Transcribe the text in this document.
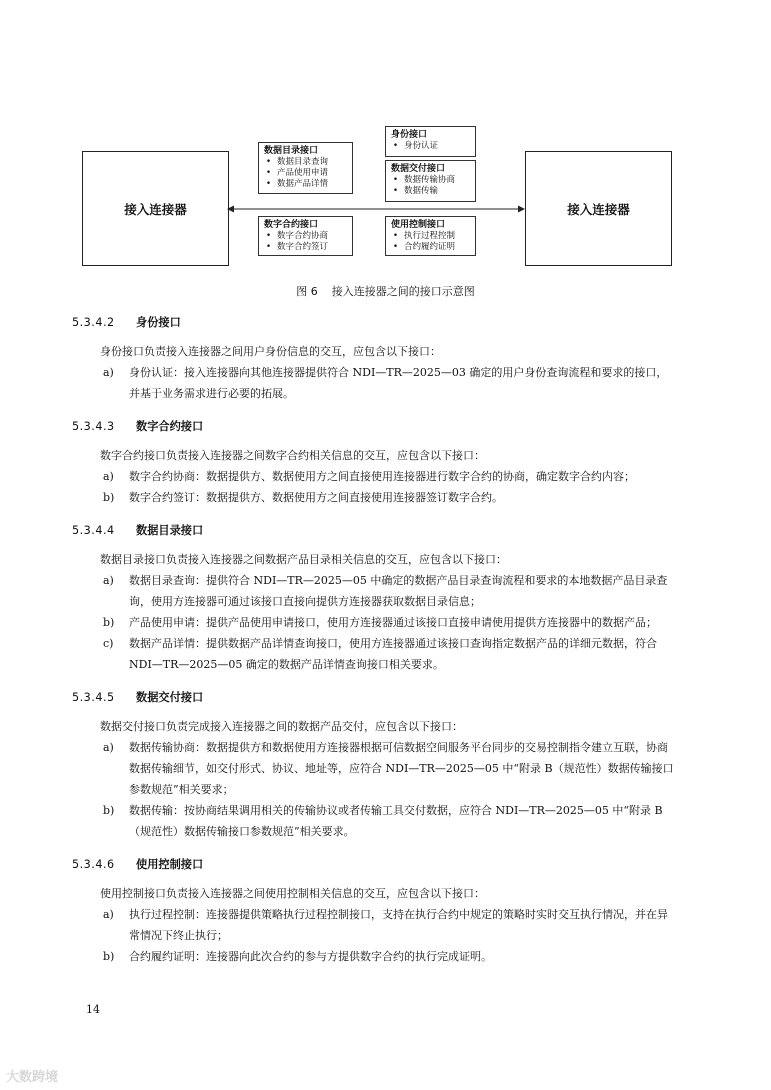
接入连接器	接入连接器
数据目录接口
• 数据目录查询
• 产品使用申请
• 数据产品详情
身份接口
• 身份认证
数据交付接口
• 数据传输协商
• 数据传输
数字合约接口
• 数字合约协商
• 数字合约签订
使用控制接口
• 执行过程控制
• 合约履约证明
图 6 接入连接器之间的接口示意图
5.3.4.2 身份接口
身份接口负责接入连接器之间用户身份信息的交互，应包含以下接口：
a) 身份认证：接入连接器向其他连接器提供符合 NDI—TR—2025—03 确定的用户身份查询流程和要求的接口，并基于业务需求进行必要的拓展。
5.3.4.3 数字合约接口
数字合约接口负责接入连接器之间数字合约相关信息的交互，应包含以下接口：
a) 数字合约协商：数据提供方、数据使用方之间直接使用连接器进行数字合约的协商，确定数字合约内容；
b) 数字合约签订：数据提供方、数据使用方之间直接使用连接器签订数字合约。
5.3.4.4 数据目录接口
数据目录接口负责接入连接器之间数据产品目录相关信息的交互，应包含以下接口：
a) 数据目录查询：提供符合 NDI—TR—2025—05 中确定的数据产品目录查询流程和要求的本地数据产品目录查询，使用方连接器可通过该接口直接向提供方连接器获取数据目录信息；
b) 产品使用申请：提供产品使用申请接口，使用方连接器通过该接口直接申请使用提供方连接器中的数据产品；
c) 数据产品详情：提供数据产品详情查询接口，使用方连接器通过该接口查询指定数据产品的详细元数据，符合 NDI—TR—2025—05 确定的数据产品详情查询接口相关要求。
5.3.4.5 数据交付接口
数据交付接口负责完成接入连接器之间的数据产品交付，应包含以下接口：
a) 数据传输协商：数据提供方和数据使用方连接器根据可信数据空间服务平台同步的交易控制指令建立互联，协商数据传输细节，如交付形式、协议、地址等，应符合 NDI—TR—2025—05 中“附录 B（规范性）数据传输接口参数规范”相关要求；
b) 数据传输：按协商结果调用相关的传输协议或者传输工具交付数据，应符合 NDI—TR—2025—05 中“附录 B（规范性）数据传输接口参数规范”相关要求。
5.3.4.6 使用控制接口
使用控制接口负责接入连接器之间使用控制相关信息的交互，应包含以下接口：
a) 执行过程控制：连接器提供策略执行过程控制接口，支持在执行合约中规定的策略时实时交互执行情况，并在异常情况下终止执行；
b) 合约履约证明：连接器向此次合约的参与方提供数字合约的执行完成证明。
14
大数跨境
